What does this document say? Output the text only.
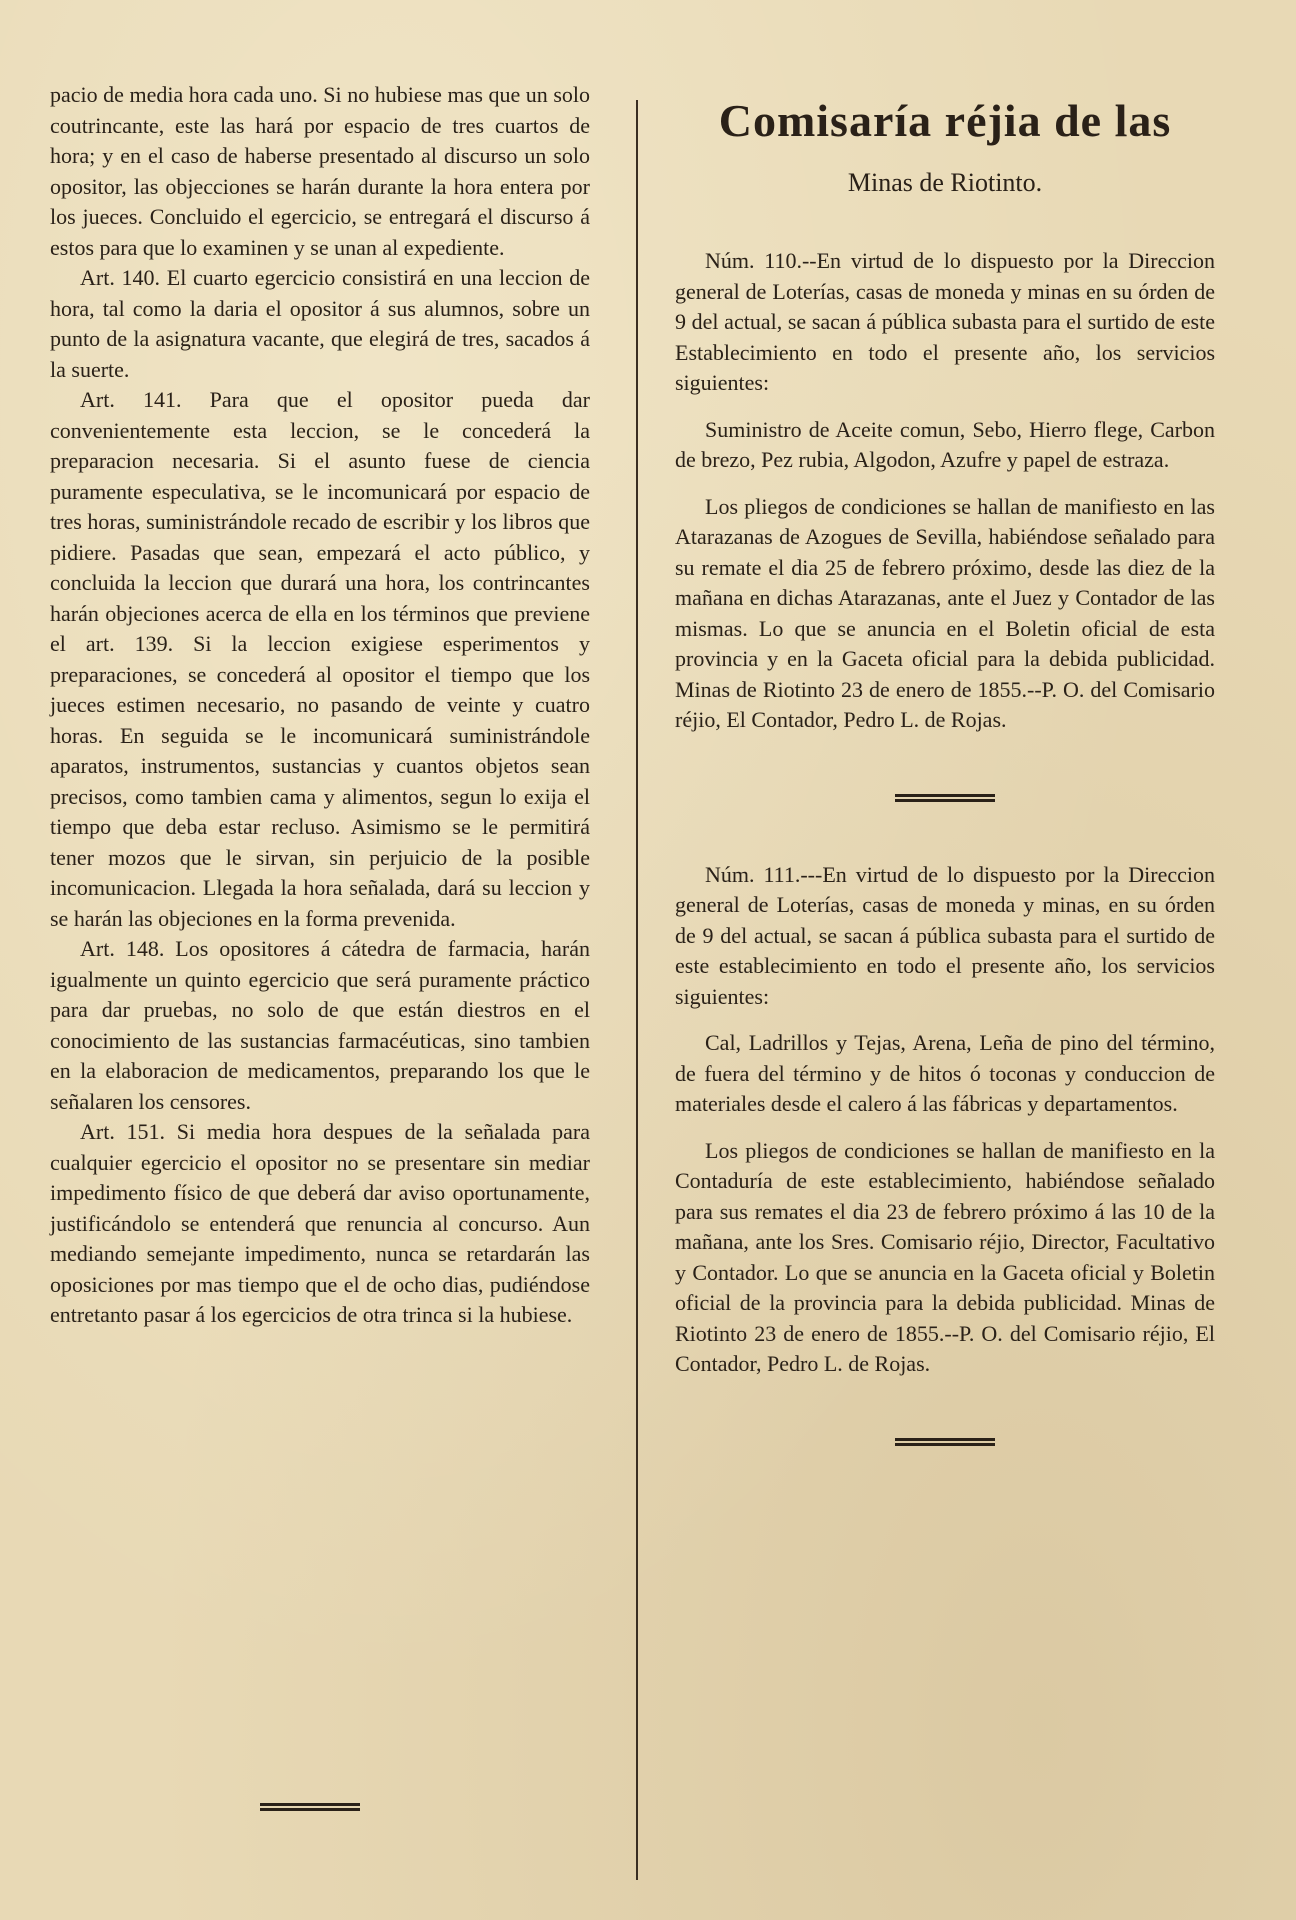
pacio de media hora cada uno. Si no hubiese mas que un solo coutrincante, este las hará por espacio de tres cuartos de hora; y en el caso de haberse presentado al discurso un solo opositor, las objecciones se harán durante la hora entera por los jueces. Concluido el egercicio, se entregará el discurso á estos para que lo examinen y se unan al expediente.

Art. 140. El cuarto egercicio consistirá en una leccion de hora, tal como la daria el opositor á sus alumnos, sobre un punto de la asignatura vacante, que elegirá de tres, sacados á la suerte.

Art. 141. Para que el opositor pueda dar convenientemente esta leccion, se le concederá la preparacion necesaria. Si el asunto fuese de ciencia puramente especulativa, se le incomunicará por espacio de tres horas, suministrándole recado de escribir y los libros que pidiere. Pasadas que sean, empezará el acto público, y concluida la leccion que durará una hora, los contrincantes harán objeciones acerca de ella en los términos que previene el art. 139. Si la leccion exigiese esperimentos y preparaciones, se concederá al opositor el tiempo que los jueces estimen necesario, no pasando de veinte y cuatro horas. En seguida se le incomunicará suministrándole aparatos, instrumentos, sustancias y cuantos objetos sean precisos, como tambien cama y alimentos, segun lo exija el tiempo que deba estar recluso. Asimismo se le permitirá tener mozos que le sirvan, sin perjuicio de la posible incomunicacion. Llegada la hora señalada, dará su leccion y se harán las objeciones en la forma prevenida.

Art. 148. Los opositores á cátedra de farmacia, harán igualmente un quinto egercicio que será puramente práctico para dar pruebas, no solo de que están diestros en el conocimiento de las sustancias farmacéuticas, sino tambien en la elaboracion de medicamentos, preparando los que le señalaren los censores.

Art. 151. Si media hora despues de la señalada para cualquier egercicio el opositor no se presentare sin mediar impedimento físico de que deberá dar aviso oportunamente, justificándolo se entenderá que renuncia al concurso. Aun mediando semejante impedimento, nunca se retardarán las oposiciones por mas tiempo que el de ocho dias, pudiéndose entretanto pasar á los egercicios de otra trinca si la hubiese.

Comisaría réjia de las
Minas de Riotinto.

Núm. 110.--En virtud de lo dispuesto por la Direccion general de Loterías, casas de moneda y minas en su órden de 9 del actual, se sacan á pública subasta para el surtido de este Establecimiento en todo el presente año, los servicios siguientes:

Suministro de Aceite comun, Sebo, Hierro flege, Carbon de brezo, Pez rubia, Algodon, Azufre y papel de estraza.

Los pliegos de condiciones se hallan de manifiesto en las Atarazanas de Azogues de Sevilla, habiéndose señalado para su remate el dia 25 de febrero próximo, desde las diez de la mañana en dichas Atarazanas, ante el Juez y Contador de las mismas. Lo que se anuncia en el Boletin oficial de esta provincia y en la Gaceta oficial para la debida publicidad. Minas de Riotinto 23 de enero de 1855.--P. O. del Comisario réjio, El Contador, Pedro L. de Rojas.

Núm. 111.---En virtud de lo dispuesto por la Direccion general de Loterías, casas de moneda y minas, en su órden de 9 del actual, se sacan á pública subasta para el surtido de este establecimiento en todo el presente año, los servicios siguientes:

Cal, Ladrillos y Tejas, Arena, Leña de pino del término, de fuera del término y de hitos ó toconas y conduccion de materiales desde el calero á las fábricas y departamentos.

Los pliegos de condiciones se hallan de manifiesto en la Contaduría de este establecimiento, habiéndose señalado para sus remates el dia 23 de febrero próximo á las 10 de la mañana, ante los Sres. Comisario réjio, Director, Facultativo y Contador. Lo que se anuncia en la Gaceta oficial y Boletin oficial de la provincia para la debida publicidad. Minas de Riotinto 23 de enero de 1855.--P. O. del Comisario réjio, El Contador, Pedro L. de Rojas.
